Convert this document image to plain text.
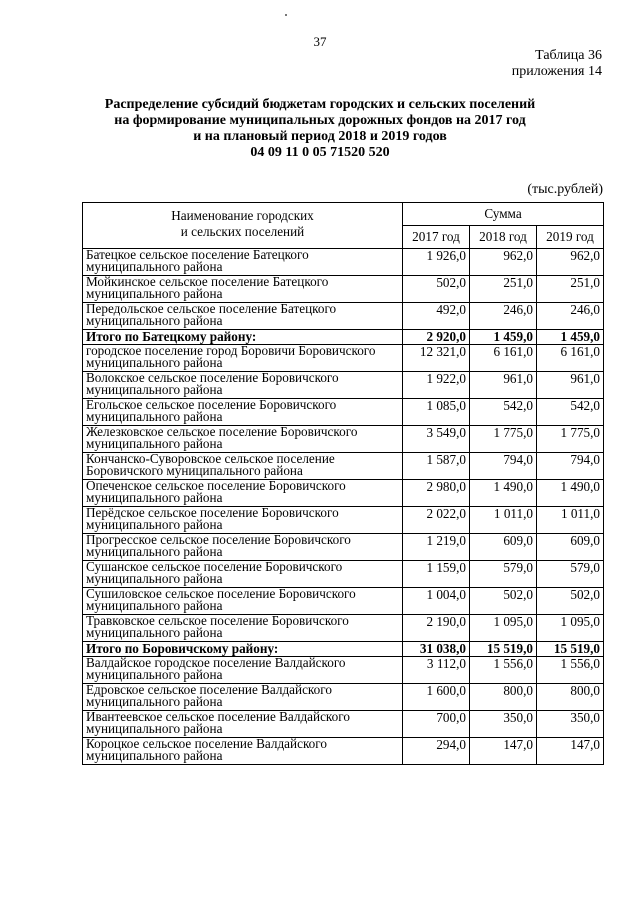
37
Таблица 36
приложения 14
Распределение субсидий бюджетам городских и сельских поселений
на формирование муниципальных дорожных фондов на 2017 год
и на плановый период 2018 и 2019 годов
04 09 11 0 05 71520 520
(тыс.рублей)
Наименование городских
и сельских поселений	Сумма		
	2017 год	2018 год	2019 год
Батецкое сельское поселение Батецкого муниципального района	1 926,0	962,0	962,0
Мойкинское сельское поселение Батецкого муниципального района	502,0	251,0	251,0
Передольское сельское поселение Батецкого муниципального района	492,0	246,0	246,0
Итого по Батецкому району:	2 920,0	1 459,0	1 459,0
городское поселение город Боровичи Боровичского муниципального района	12 321,0	6 161,0	6 161,0
Волокское сельское поселение Боровичского муниципального района	1 922,0	961,0	961,0
Ёгольское сельское поселение Боровичского муниципального района	1 085,0	542,0	542,0
Железковское сельское поселение Боровичского муниципального района	3 549,0	1 775,0	1 775,0
Кончанско-Суворовское сельское поселение Боровичского муниципального района	1 587,0	794,0	794,0
Опеченское сельское поселение Боровичского муниципального района	2 980,0	1 490,0	1 490,0
Перёдское сельское поселение Боровичского муниципального района	2 022,0	1 011,0	1 011,0
Прогресское сельское поселение Боровичского муниципального района	1 219,0	609,0	609,0
Сушанское сельское поселение Боровичского муниципального района	1 159,0	579,0	579,0
Сушиловское сельское поселение Боровичского муниципального района	1 004,0	502,0	502,0
Травковское сельское поселение Боровичского муниципального района	2 190,0	1 095,0	1 095,0
Итого по Боровичскому району:	31 038,0	15 519,0	15 519,0
Валдайское городское поселение Валдайского муниципального района	3 112,0	1 556,0	1 556,0
Едровское сельское поселение Валдайского муниципального района	1 600,0	800,0	800,0
Ивантеевское сельское поселение Валдайского муниципального района	700,0	350,0	350,0
Короцкое сельское поселение Валдайского муниципального района	294,0	147,0	147,0
